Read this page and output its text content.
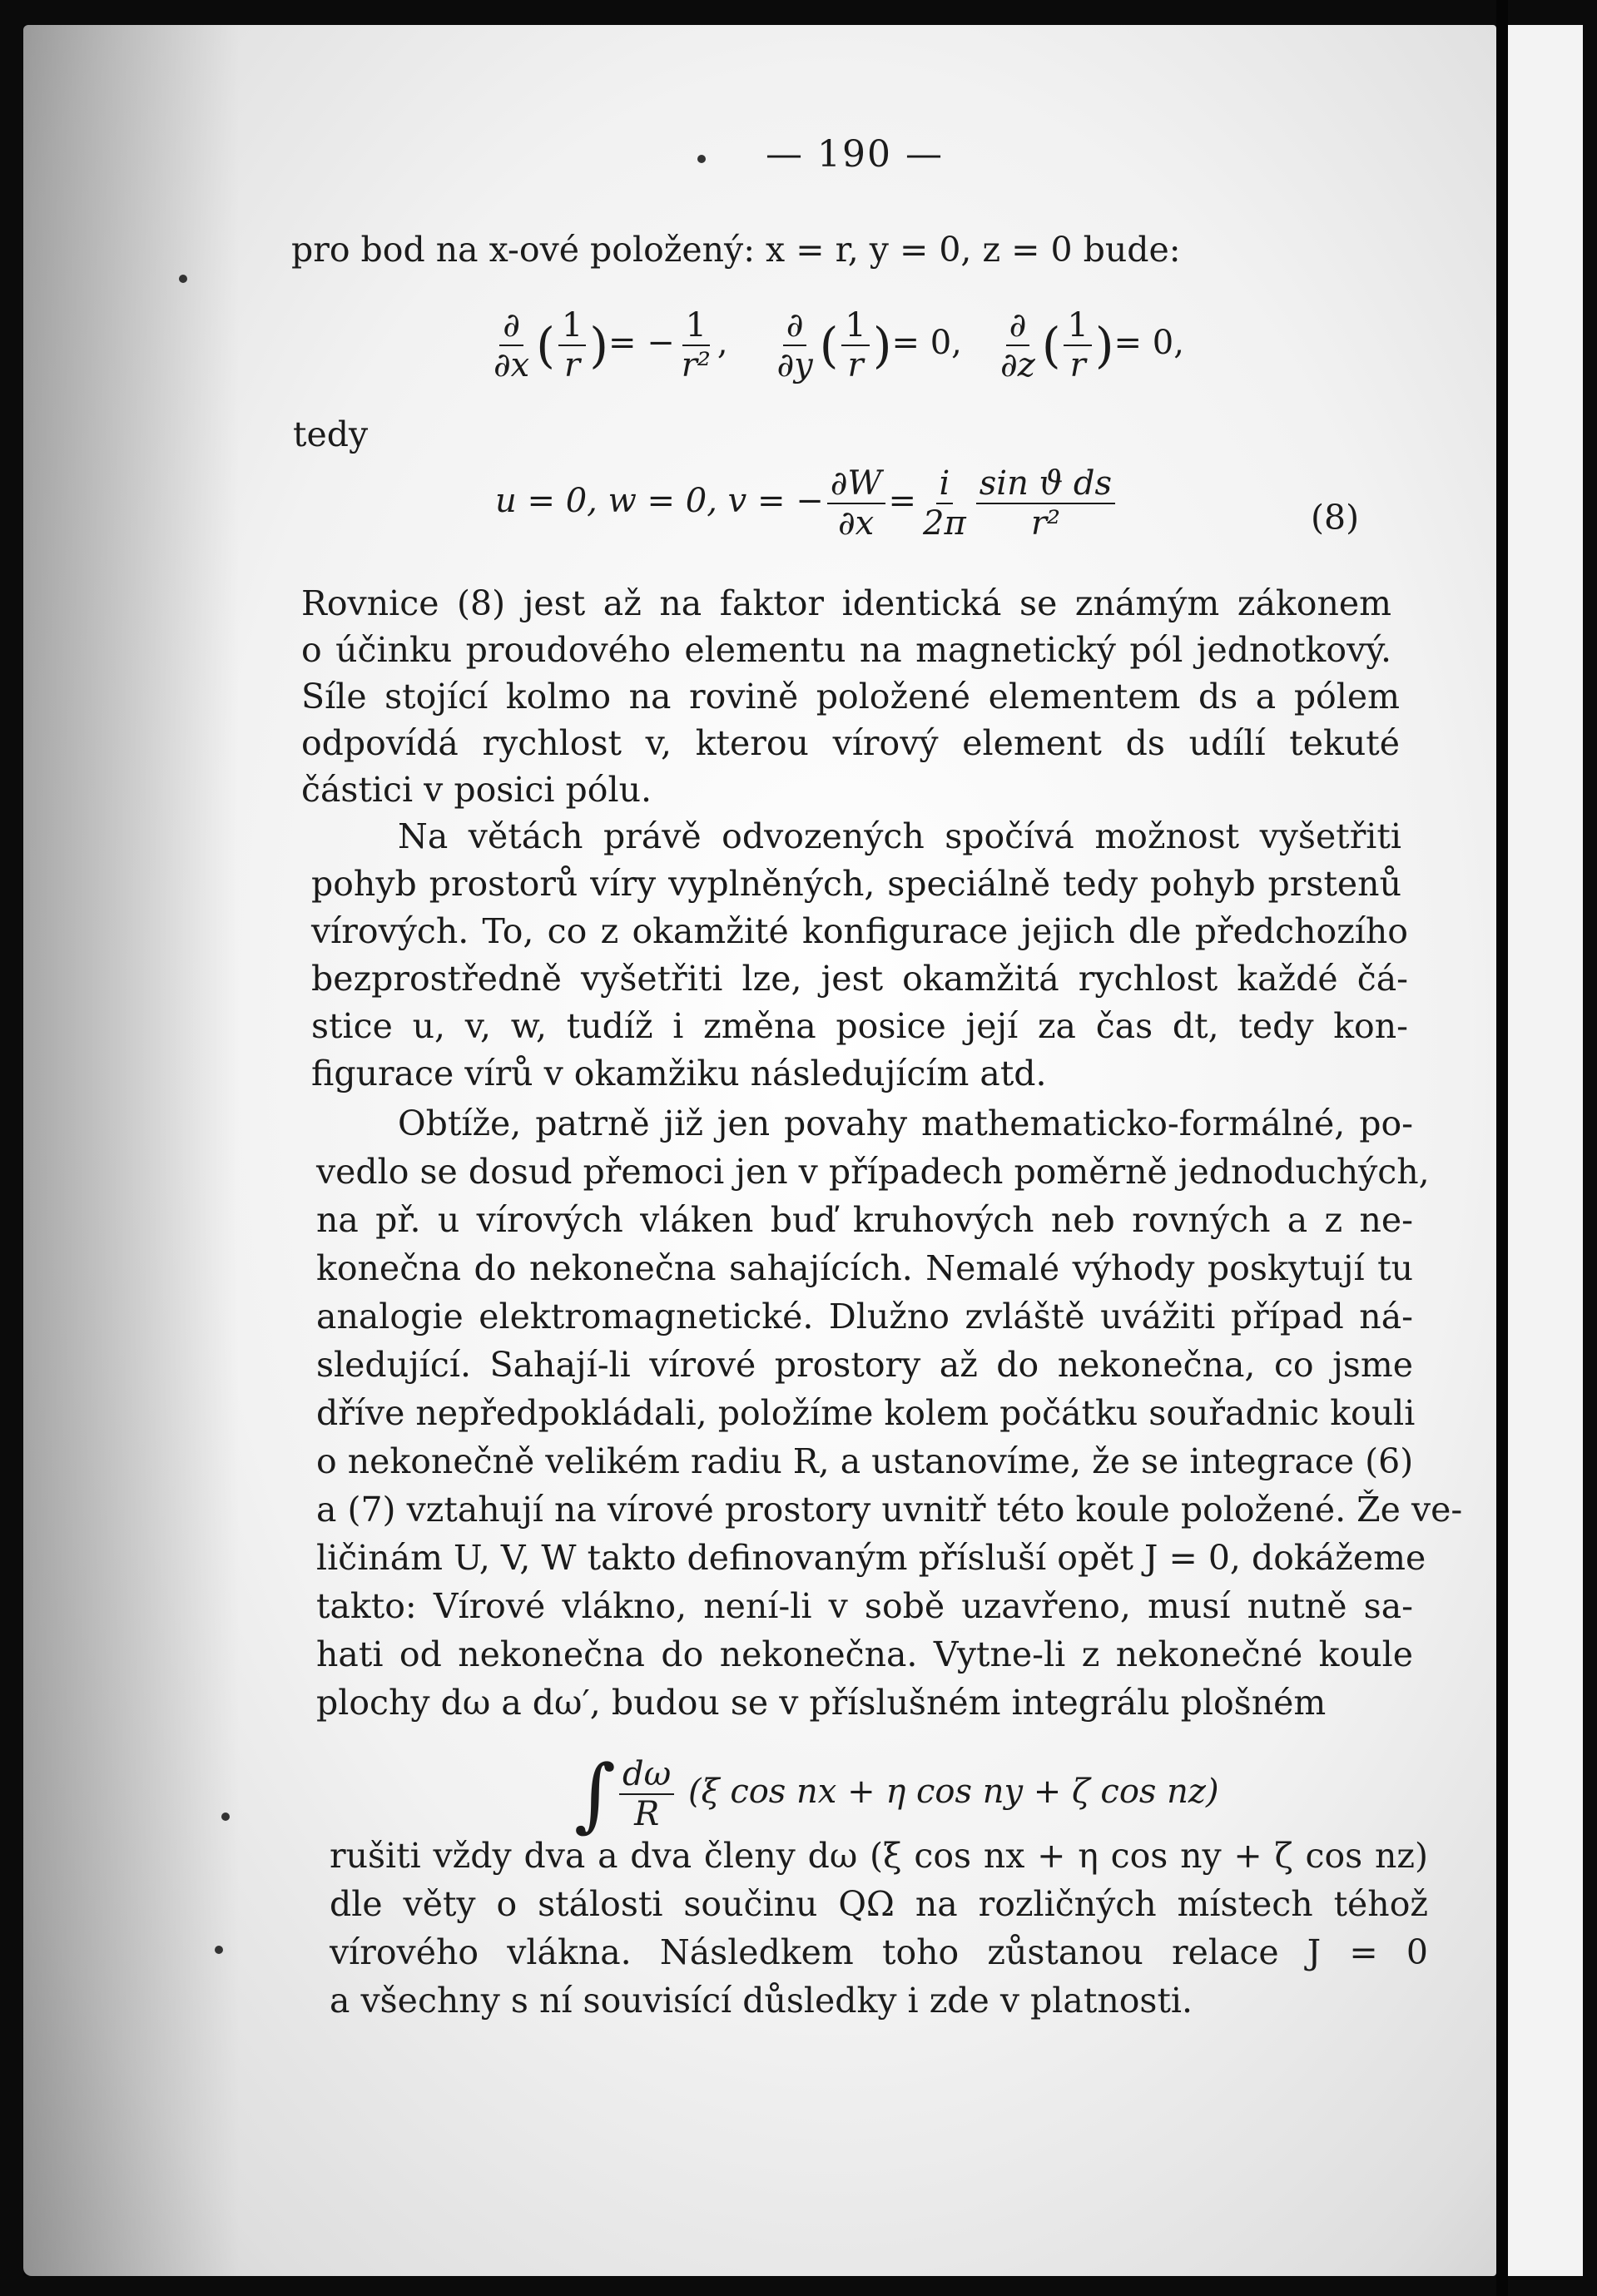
— 190 —
pro bod na x-ové položený: x = r, y = 0, z = 0 bude:
$\frac{\partial}{\partial x}$ ( $\frac{1}{r}$ )= − $\frac{1}{\text{r²}}$ , $\frac{\partial}{\partial y}$ ( $\frac{1}{r}$ )= 0, $\frac{\partial}{\partial z}$ ( $\frac{1}{r}$ )= 0,
tedy
u = 0, w = 0, v = − $\frac{\partial W}{\partial x} = \frac{i}{2\pi} \frac{\text{sin ϑ ds}}{\text{r²}}$	(8)
Rovnice (8) jest až na faktor identická se známým zákonem
o účinku proudového elementu na magnetický pól jednotkový.
Síle stojící kolmo na rovině položené elementem ds a pólem
odpovídá rychlost v, kterou vírový element ds udílí tekuté
částici v posici pólu.
Na větách právě odvozených spočívá možnost vyšetřiti
pohyb prostorů víry vyplněných, speciálně tedy pohyb prstenů
vírových. To, co z okamžité konfigurace jejich dle předchozího
bezprostředně vyšetřiti lze, jest okamžitá rychlost každé čá-
stice u, v, w, tudíž i změna posice její za čas dt, tedy kon-
figurace vírů v okamžiku následujícím atd.
Obtíže, patrně již jen povahy mathematicko-formálné, po-
vedlo se dosud přemoci jen v případech poměrně jednoduchých,
na př. u vírových vláken buď kruhových neb rovných a z ne-
konečna do nekonečna sahajících. Nemalé výhody poskytují tu
analogie elektromagnetické. Dlužno zvláště uvážiti případ ná-
sledující. Sahají-li vírové prostory až do nekonečna, co jsme
dříve nepředpokládali, položíme kolem počátku souřadnic kouli
o nekonečně velikém radiu R, a ustanovíme, že se integrace (6)
a (7) vztahují na vírové prostory uvnitř této koule položené. Že ve-
ličinám U, V, W takto definovaným přísluší opět J = 0, dokážeme
takto: Vírové vlákno, není-li v sobě uzavřeno, musí nutně sa-
hati od nekonečna do nekonečna. Vytne-li z nekonečné koule
plochy dω a dω′, budou se v příslušném integrálu plošném
∫ $\frac{d\omega}{R} (\xi$ cos nx + η cos ny + ζ cos nz)
rušiti vždy dva a dva členy dω (ξ cos nx + η cos ny + ζ cos nz)
dle věty o stálosti součinu QΩ na rozličných místech téhož
vírového vlákna. Následkem toho zůstanou relace J = 0
a všechny s ní souvisící důsledky i zde v platnosti.
